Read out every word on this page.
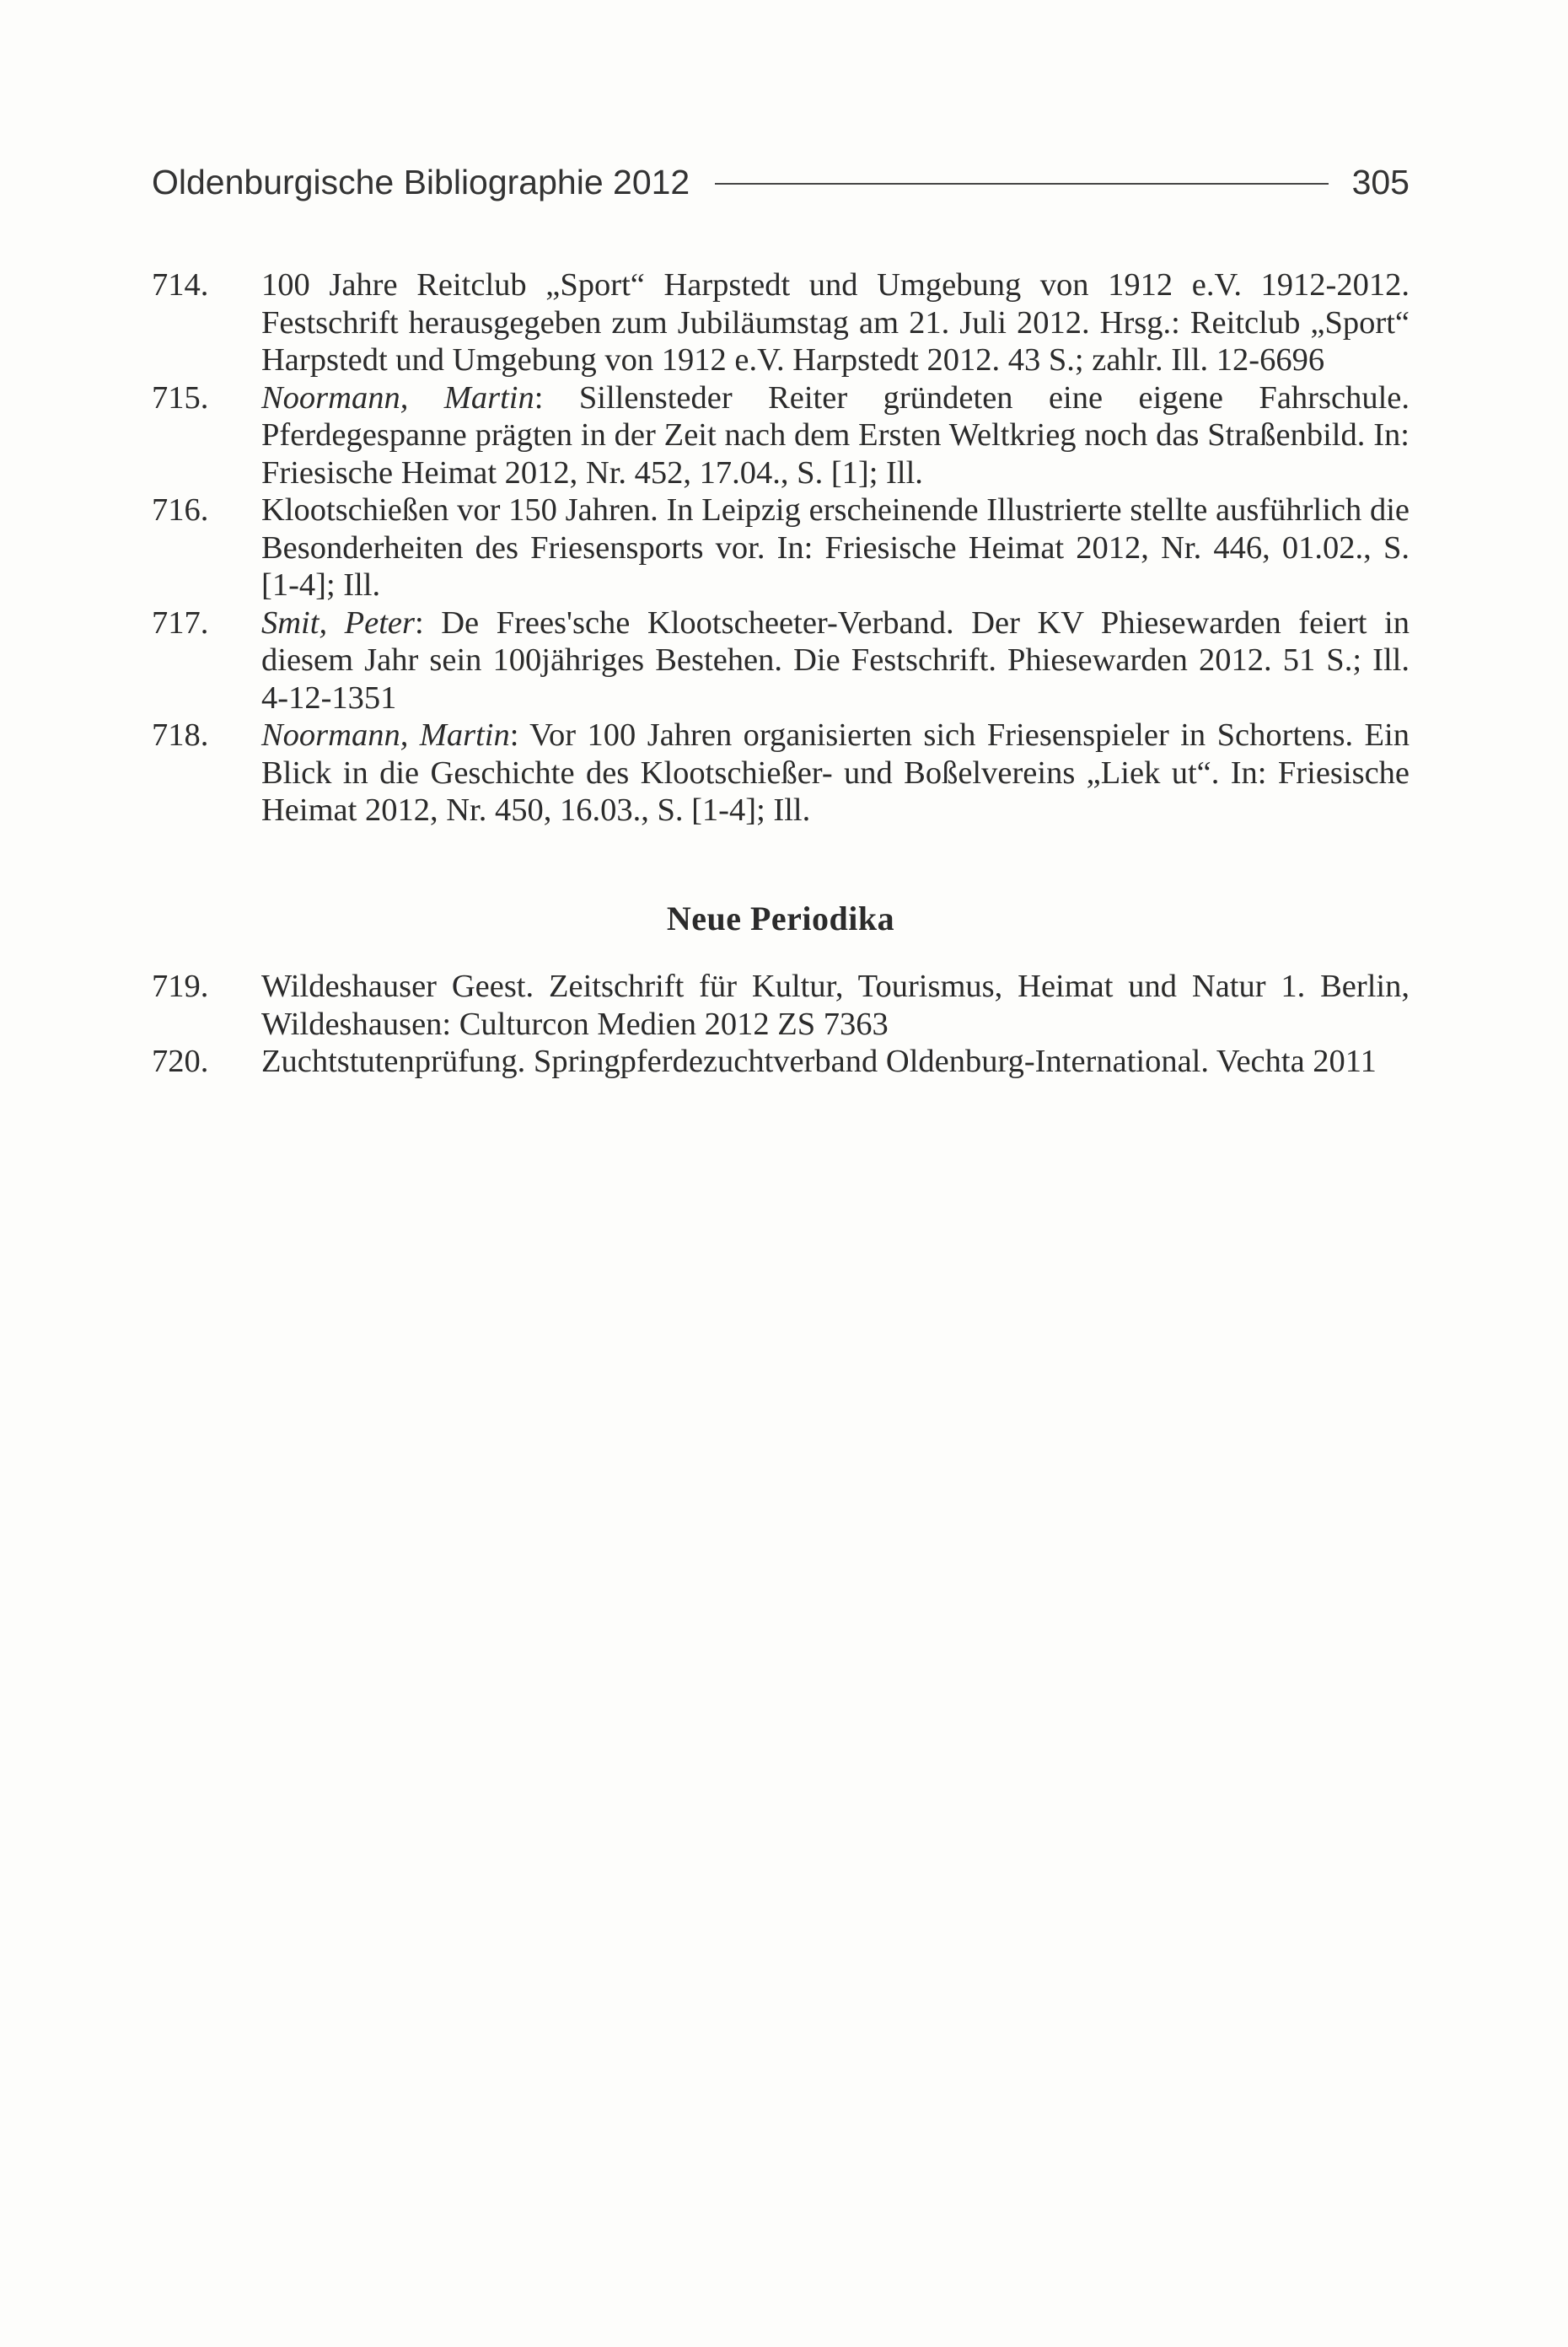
Oldenburgische Bibliographie 2012	305
714.	100 Jahre Reitclub „Sport“ Harpstedt und Umgebung von 1912 e.V. 1912-2012. Festschrift herausgegeben zum Jubiläumstag am 21. Juli 2012. Hrsg.: Reitclub „Sport“ Harpstedt und Umgebung von 1912 e.V. Harpstedt 2012. 43 S.; zahlr. Ill. 12-6696
715.	Noormann, Martin: Sillensteder Reiter gründeten eine eigene Fahrschule. Pferdegespanne prägten in der Zeit nach dem Ersten Weltkrieg noch das Straßenbild. In: Friesische Heimat 2012, Nr. 452, 17.04., S. [1]; Ill.
716.	Klootschießen vor 150 Jahren. In Leipzig erscheinende Illustrierte stellte ausführlich die Besonderheiten des Friesensports vor. In: Friesische Heimat 2012, Nr. 446, 01.02., S. [1-4]; Ill.
717.	Smit, Peter: De Frees'sche Klootscheeter-Verband. Der KV Phiesewarden feiert in diesem Jahr sein 100jähriges Bestehen. Die Festschrift. Phiesewarden 2012. 51 S.; Ill. 4-12-1351
718.	Noormann, Martin: Vor 100 Jahren organisierten sich Friesenspieler in Schortens. Ein Blick in die Geschichte des Klootschießer- und Boßelvereins „Liek ut“. In: Friesische Heimat 2012, Nr. 450, 16.03., S. [1-4]; Ill.
Neue Periodika
719.	Wildeshauser Geest. Zeitschrift für Kultur, Tourismus, Heimat und Natur 1. Berlin, Wildeshausen: Culturcon Medien 2012 ZS 7363
720.	Zuchtstutenprüfung. Springpferdezuchtverband Oldenburg-International. Vechta 2011
